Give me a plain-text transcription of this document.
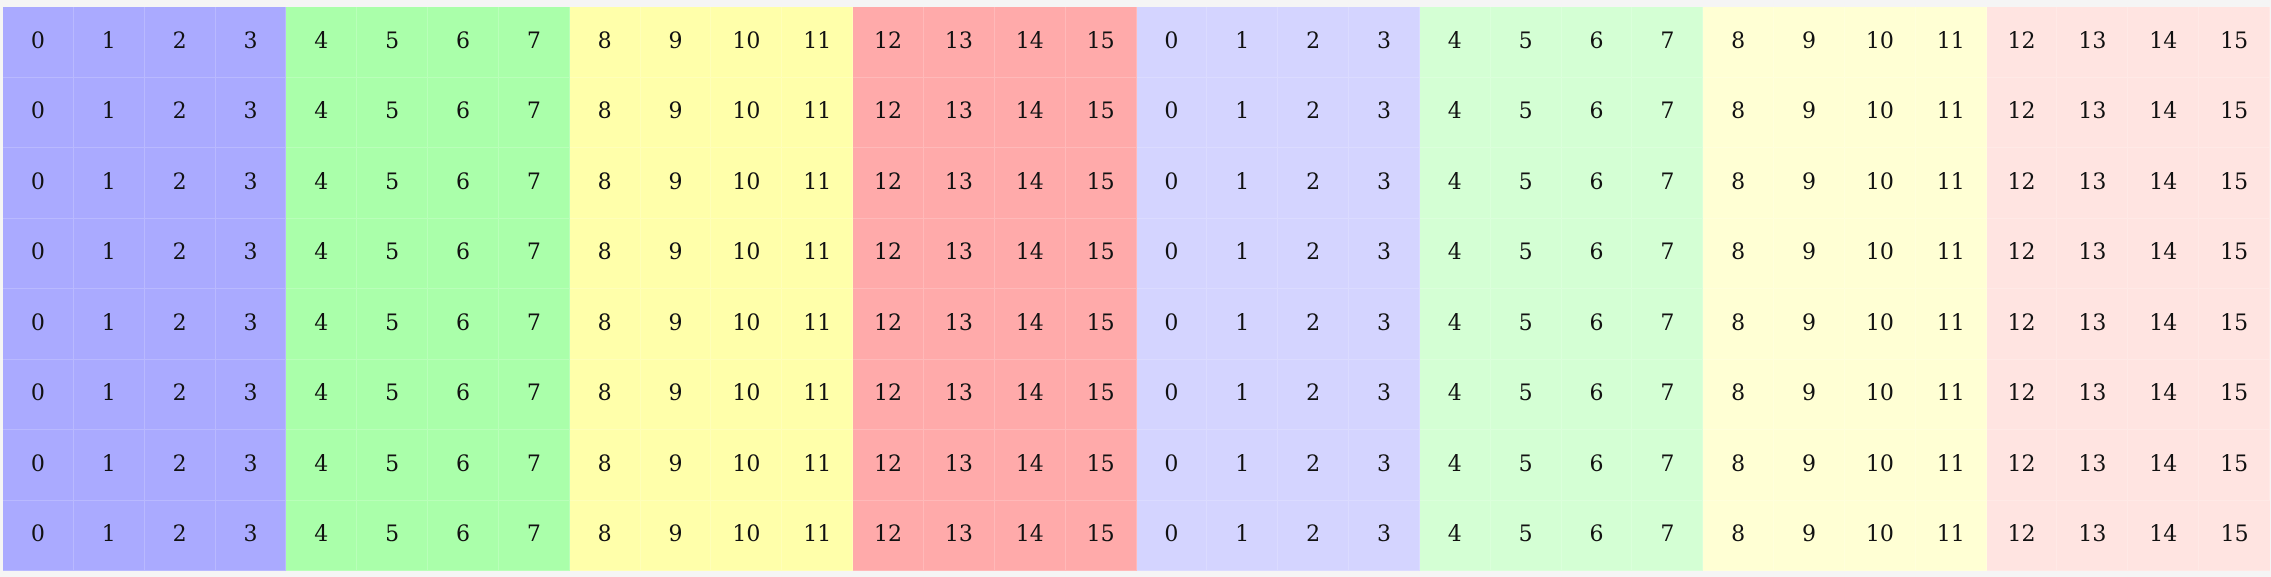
0	1	2	3	4	5	6	7	8	9	10	11	12	13	14	15	0	1	2	3	4	5	6	7	8	9	10	11	12	13	14	15
0	1	2	3	4	5	6	7	8	9	10	11	12	13	14	15	0	1	2	3	4	5	6	7	8	9	10	11	12	13	14	15
0	1	2	3	4	5	6	7	8	9	10	11	12	13	14	15	0	1	2	3	4	5	6	7	8	9	10	11	12	13	14	15
0	1	2	3	4	5	6	7	8	9	10	11	12	13	14	15	0	1	2	3	4	5	6	7	8	9	10	11	12	13	14	15
0	1	2	3	4	5	6	7	8	9	10	11	12	13	14	15	0	1	2	3	4	5	6	7	8	9	10	11	12	13	14	15
0	1	2	3	4	5	6	7	8	9	10	11	12	13	14	15	0	1	2	3	4	5	6	7	8	9	10	11	12	13	14	15
0	1	2	3	4	5	6	7	8	9	10	11	12	13	14	15	0	1	2	3	4	5	6	7	8	9	10	11	12	13	14	15
0	1	2	3	4	5	6	7	8	9	10	11	12	13	14	15	0	1	2	3	4	5	6	7	8	9	10	11	12	13	14	15
